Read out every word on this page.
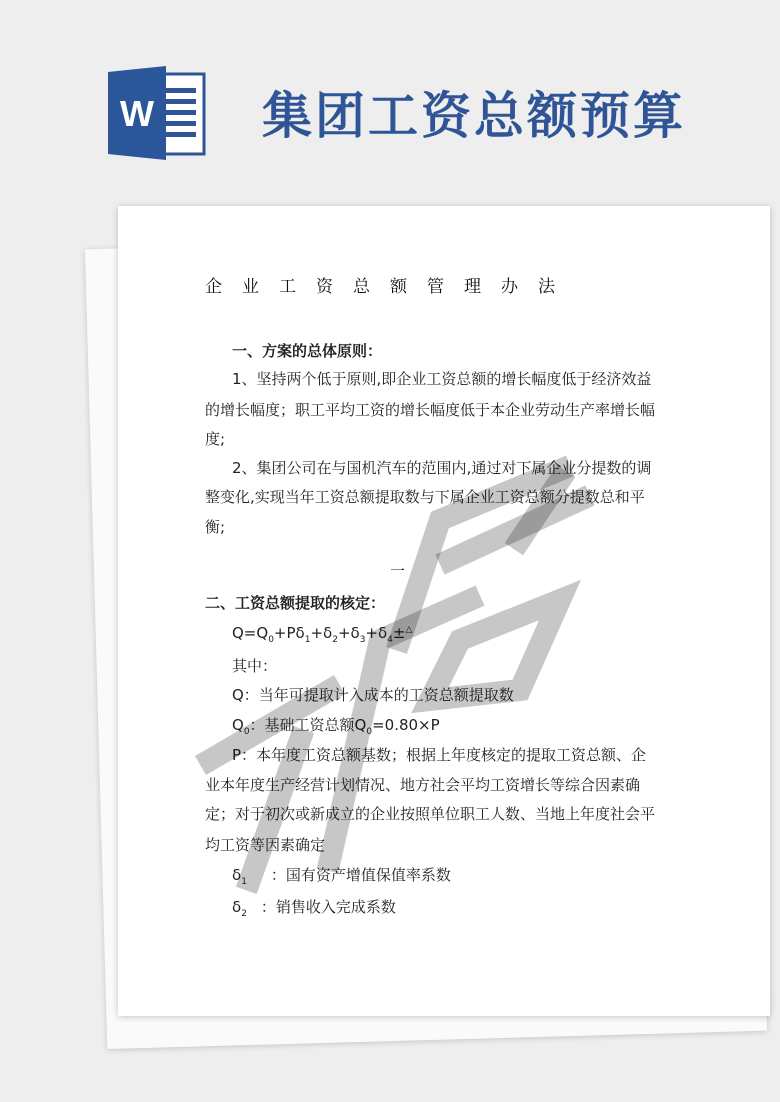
W 集团工资总额预算
企业工资总额管理办法
一、方案的总体原则：
1、坚持两个低于原则,即企业工资总额的增长幅度低于经济效益
的增长幅度；职工平均工资的增长幅度低于本企业劳动生产率增长幅
度;
2、集团公司在与国机汽车的范围内,通过对下属企业分提数的调
整变化,实现当年工资总额提取数与下属企业工资总额分提数总和平
衡;
一
二、工资总额提取的核定：
$Q=Q_0+P\delta_1+\delta_2+\delta_3+\delta_4\pm^\triangle$
其中：
Q：当年可提取计入成本的工资总额提取数
$Q_0$：基础工资总额$Q_0=0.80\times P$
P：本年度工资总额基数；根据上年度核定的提取工资总额、企
业本年度生产经营计划情况、地方社会平均工资增长等综合因素确
定；对于初次或新成立的企业按照单位职工人数、当地上年度社会平
均工资等因素确定
$\delta_1$ ：国有资产增值保值率系数
$\delta_2$ ：销售收入完成系数
